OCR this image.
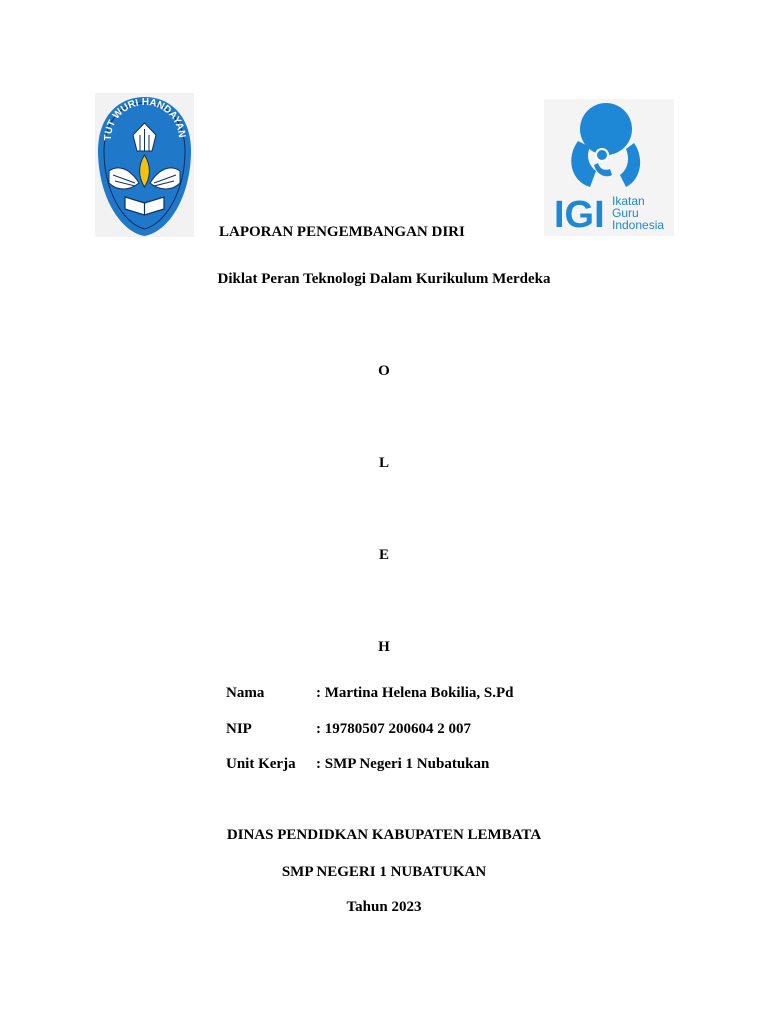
TUT WURI HANDAYAN
IGI Ikatan
Guru
Indonesia
LAPORAN PENGEMBANGAN DIRI
Diklat Peran Teknologi Dalam Kurikulum Merdeka
O
L
E
H
Nama	: Martina Helena Bokilia, S.Pd
NIP	: 19780507 200604 2 007
Unit Kerja : SMP Negeri 1 Nubatukan
DINAS PENDIDKAN KABUPATEN LEMBATA
SMP NEGERI 1 NUBATUKAN
Tahun 2023
